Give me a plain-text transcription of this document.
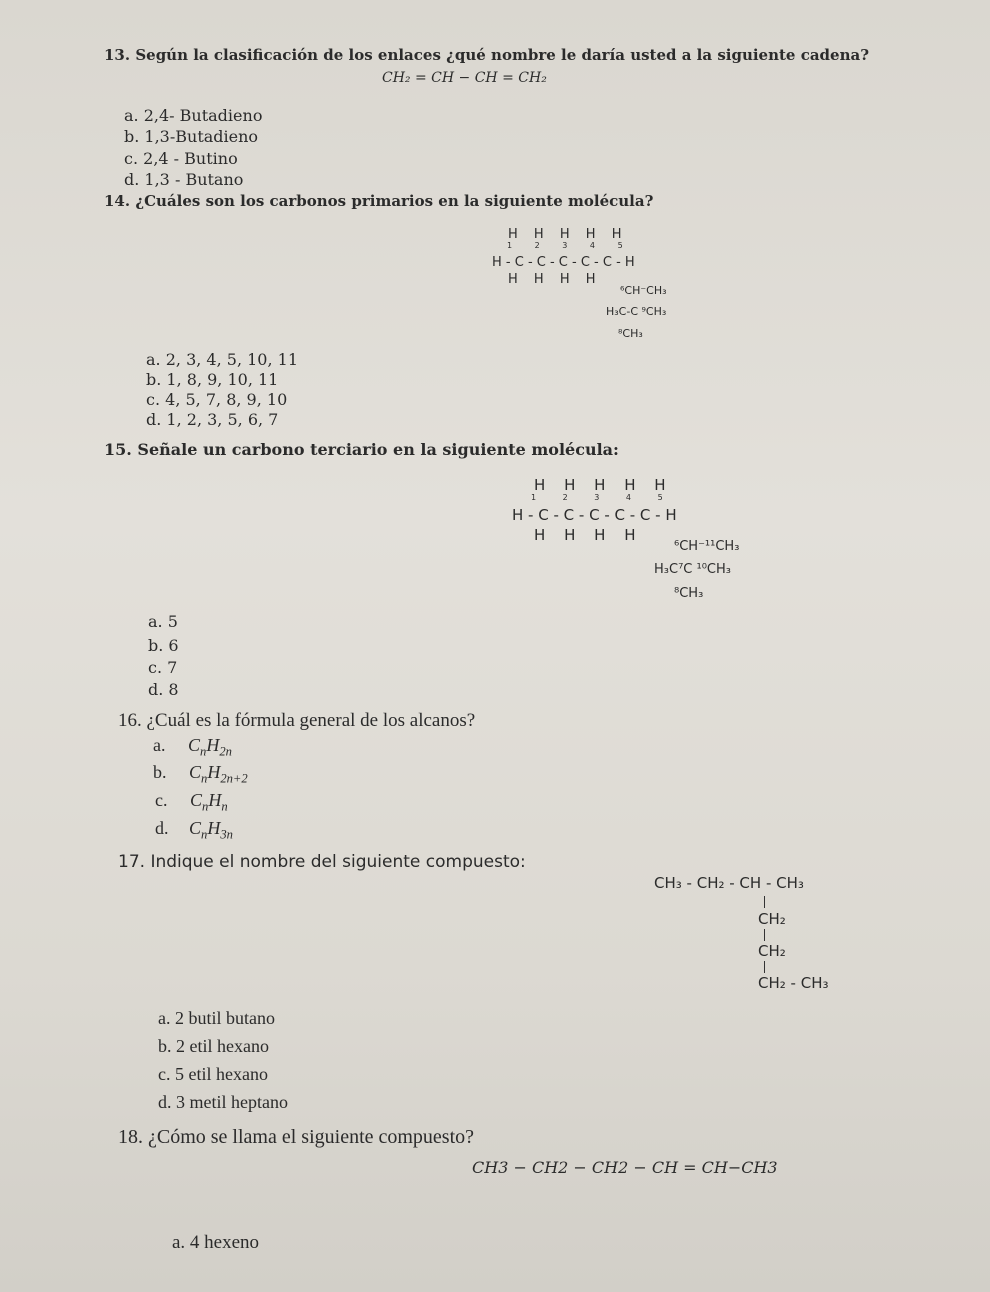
13. Según la clasificación de los enlaces ¿qué nombre le daría usted a la siguiente cadena?
CH₂ = CH − CH = CH₂
a. 2,4- Butadieno
b. 1,3-Butadieno
c. 2,4 - Butino
d. 1,3 - Butano
14. ¿Cuáles son los carbonos primarios en la siguiente molécula?
H H H H H
1	2	3	4	5
H - C - C - C - C - C - H
H H H H
⁶CH⁻CH₃
H₃C-C ⁹CH₃
⁸CH₃
a. 2, 3, 4, 5, 10, 11
b. 1, 8, 9, 10, 11
c. 4, 5, 7, 8, 9, 10
d. 1, 2, 3, 5, 6, 7
15. Señale un carbono terciario en la siguiente molécula:
H H H H H
1	2	3	4	5
H - C - C - C - C - C - H
H H H H
⁶CH⁻¹¹CH₃
H₃C⁷C ¹⁰CH₃
⁸CH₃
a. 5
b. 6
c. 7
d. 8
16. ¿Cuál es la fórmula general de los alcanos?
a. $C_nH_{2n}$
b. $C_nH_{2n+2}$
c. $C_nH_n$
d. $C_nH_{3n}$
17. Indique el nombre del siguiente compuesto:
CH₃ - CH₂ - CH - CH₃
CH₂
CH₂
CH₂ - CH₃
a. 2 butil butano
b. 2 etil hexano
c. 5 etil hexano
d. 3 metil heptano
18. ¿Cómo se llama el siguiente compuesto?
CH3 − CH2 − CH2 − CH = CH−CH3
a. 4 hexeno
